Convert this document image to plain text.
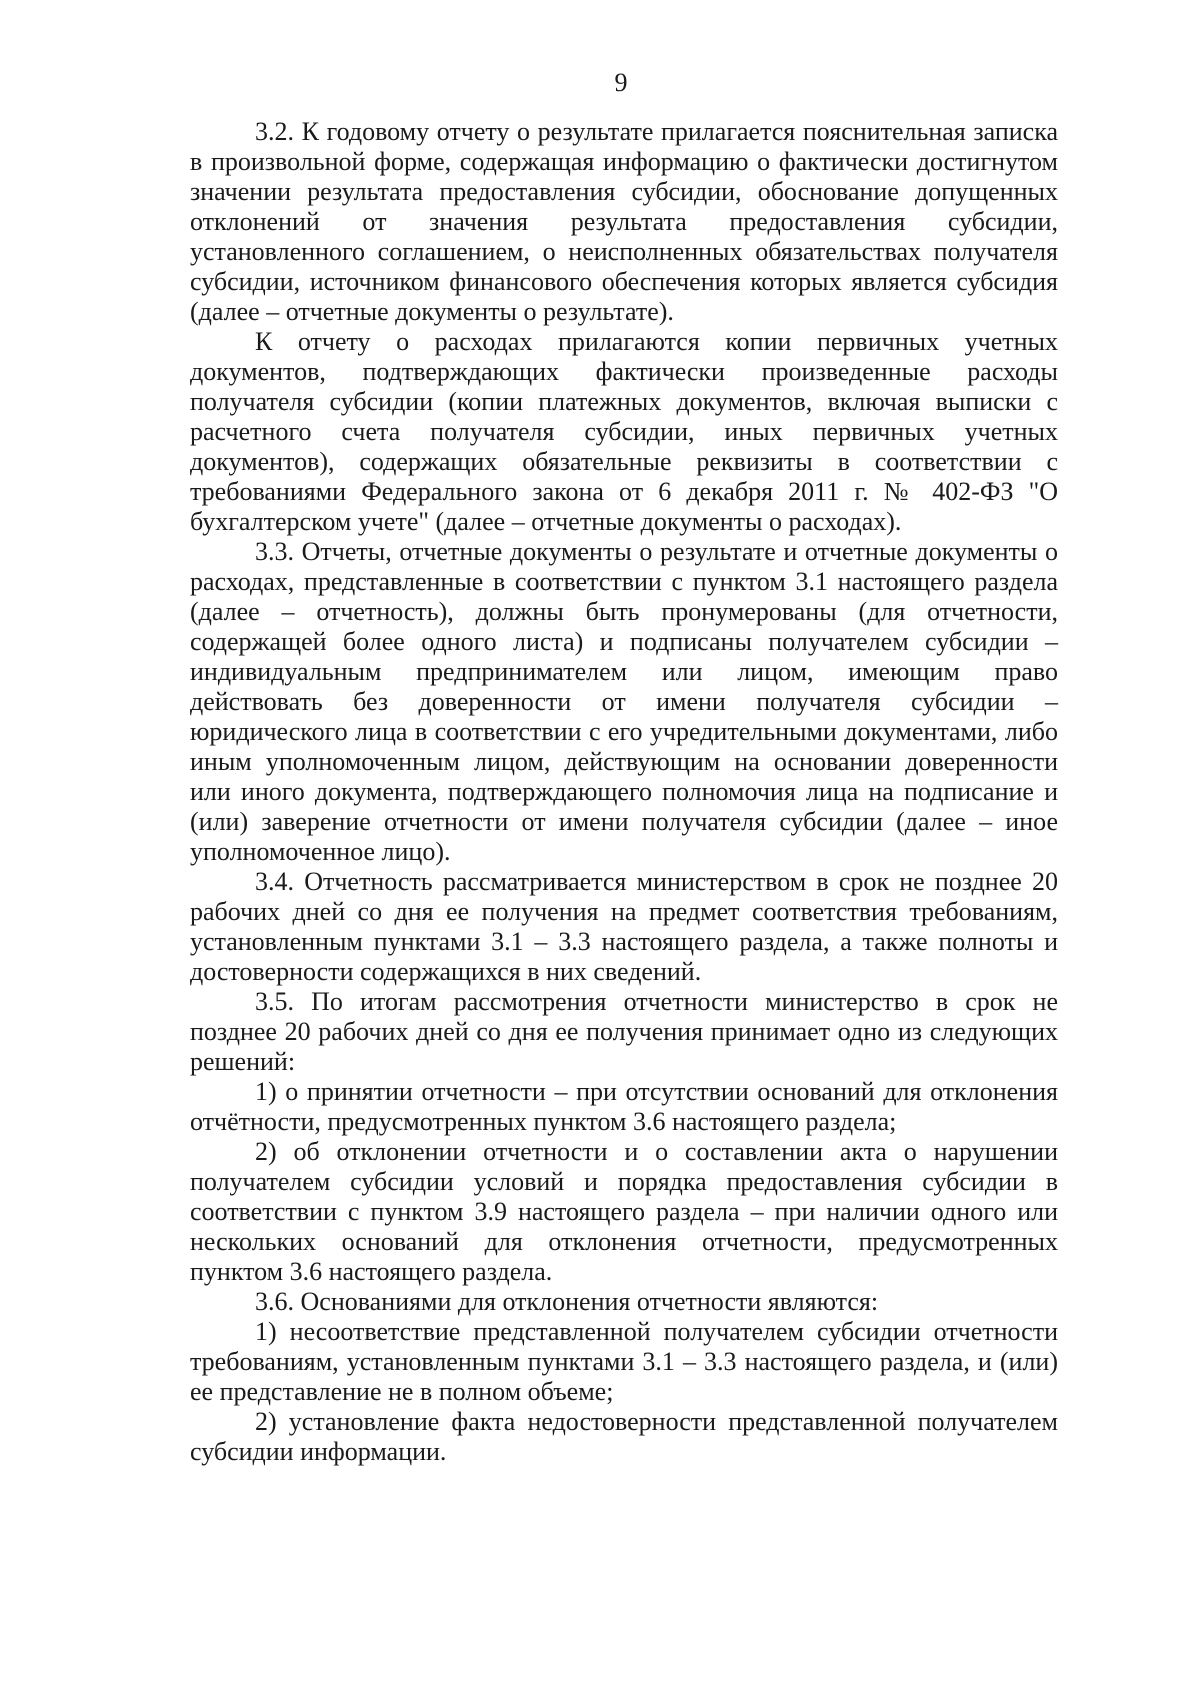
9
3.2. К годовому отчету о результате прилагается пояснительная записка
в произвольной форме, содержащая информацию о фактически достигнутом
значении результата предоставления субсидии, обоснование допущенных
отклонений от значения результата предоставления субсидии,
установленного соглашением, о неисполненных обязательствах получателя
субсидии, источником финансового обеспечения которых является субсидия
(далее – отчетные документы о результате).
К отчету о расходах прилагаются копии первичных учетных
документов, подтверждающих фактически произведенные расходы
получателя субсидии (копии платежных документов, включая выписки с
расчетного счета получателя субсидии, иных первичных учетных
документов), содержащих обязательные реквизиты в соответствии с
требованиями Федерального закона от 6 декабря 2011 г. № 402-ФЗ "О
бухгалтерском учете" (далее – отчетные документы о расходах).
3.3. Отчеты, отчетные документы о результате и отчетные документы о
расходах, представленные в соответствии с пунктом 3.1 настоящего раздела
(далее – отчетность), должны быть пронумерованы (для отчетности,
содержащей более одного листа) и подписаны получателем субсидии –
индивидуальным предпринимателем или лицом, имеющим право
действовать без доверенности от имени получателя субсидии –
юридического лица в соответствии с его учредительными документами, либо
иным уполномоченным лицом, действующим на основании доверенности
или иного документа, подтверждающего полномочия лица на подписание и
(или) заверение отчетности от имени получателя субсидии (далее – иное
уполномоченное лицо).
3.4. Отчетность рассматривается министерством в срок не позднее 20
рабочих дней со дня ее получения на предмет соответствия требованиям,
установленным пунктами 3.1 – 3.3 настоящего раздела, а также полноты и
достоверности содержащихся в них сведений.
3.5. По итогам рассмотрения отчетности министерство в срок не
позднее 20 рабочих дней со дня ее получения принимает одно из следующих
решений:
1) о принятии отчетности – при отсутствии оснований для отклонения
отчётности, предусмотренных пунктом 3.6 настоящего раздела;
2) об отклонении отчетности и о составлении акта о нарушении
получателем субсидии условий и порядка предоставления субсидии в
соответствии с пунктом 3.9 настоящего раздела – при наличии одного или
нескольких оснований для отклонения отчетности, предусмотренных
пунктом 3.6 настоящего раздела.
3.6. Основаниями для отклонения отчетности являются:
1) несоответствие представленной получателем субсидии отчетности
требованиям, установленным пунктами 3.1 – 3.3 настоящего раздела, и (или)
ее представление не в полном объеме;
2) установление факта недостоверности представленной получателем
субсидии информации.
